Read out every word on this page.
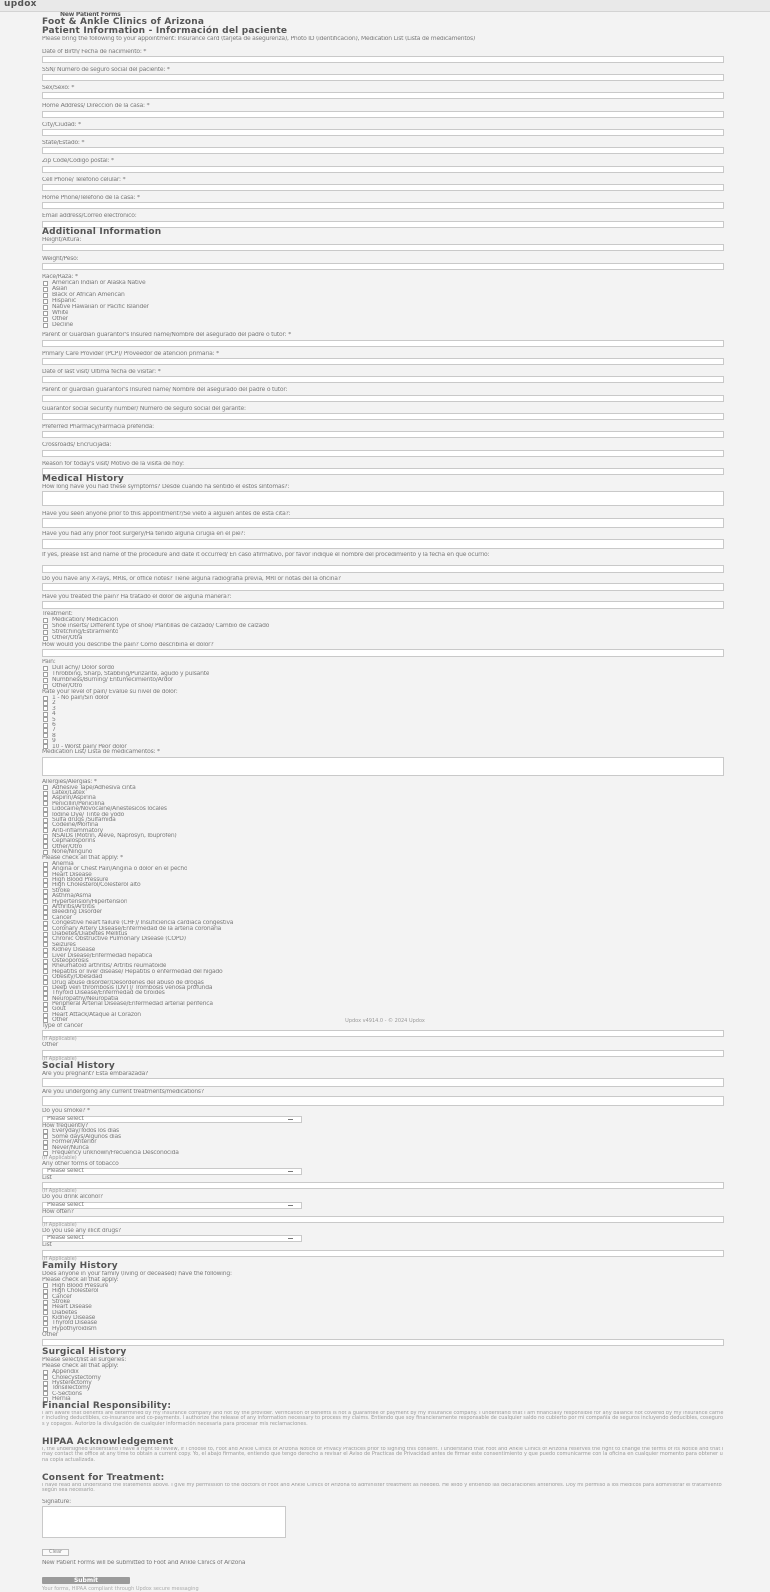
updox
New Patient Forms
Foot & Ankle Clinics of Arizona
Patient Information - Información del paciente
Please bring the following to your appointment: Insurance card (tarjeta de asegurenza), Photo ID (identificación), Medication List (Lista de medicamentos)
Date of Birth/ Fecha de nacimiento: *
SSN/ Número de seguro social del paciente: *
Sex/Sexo: *
Home Address/ Dirección de la casa: *
City/Ciudad: *
State/Estado: *
Zip Code/Código postal: *
Cell Phone/ Telefono celular: *
Home Phone/Telefono de la casa: *
Email address/Correo electrónico:
Additional Information
Height/Altura:
Weight/Peso:
Race/Raza: *
American Indian or Alaska Native
Asian
Black or African American
Hispanic
Native Hawaiian or Pacific Islander
White
Other
Decline
Parent or Guardian guarantor's Insured name/Nombre del asegurado del padre o tutor: *
Primary Care Provider (PCP)/ Proveedor de atención primaria: *
Date of last visit/ Ultima fecha de visitar: *
Parent or guardian guarantor's Insured name/ Nombre del asegurado del padre o tutor:
Guarantor social security number/ Número de seguro social del garante:
Preferred Pharmacy/Farmacia preferida:
Crossroads/ Encrucijada:
Reason for today's visit/ Motivo de la visita de hoy:
Medical History
How long have you had these symptoms? Desde cuando ha sentido el estos síntomas?:
Have you seen anyone prior to this appointment?/Se vieto a alguien antes de esta cita?:
Have you had any prior foot surgery/Ha tenido alguna cirugia en el pie?:
If yes, please list and name of the procedure and date it occurred/ En caso afirmativo, por favor indique el nombre del procedimiento y la fecha en que ocurrió:
Do you have any X-rays, MRIs, or office notes? Tiene alguna radiografía previa, MRI or notas del la oficina?
Have you treated the pain? Ha tratado el dolor de alguna manera?:
Treatment:
Medication/ Medicacion
Shoe inserts/ Different type of shoe/ Plantillas de calzado/ Cambio de calzado
Stretching/Estiramiento
Other/Otra
How would you describe the pain? Como describiria el dolor?
Pain:
Dull achy/ Dolor sordo
Throbbing, Sharp, Stabbing/Punzante, agudo y pulsante
Numbness/Burning/ Entumecimiento/Ardor
Other/Otro
Rate your level of pain/ Evalúe su nivel de dolor:
1 - No pain/Sin dolor
2
3
4
5
6
7
8
9
10 - Worst pain/ Peor dolor
Medication List/ Lista de medicamentos: *
Allergies/Alergias: *
Adhesive Tape/Adhesiva cinta
Latex/Latex
Aspirin/Aspirina
Penicillin/Penicilina
Lidocaine/Novocaine/Anestesicos locales
Iodine Dye/ Tinte de yodo
Sulfa drugs /Sulfamida
Codeine/Morfina
Anti-inflammatory
NSAIDs (Motrin, Aleve, Naprosyn, Ibuprofen)
Cephalosporins
Other/Otro
None/Ninguno
Please check all that apply: *
Anemia
Angina or Chest Pain/Angina o dolor en el pecho
Heart Disease
High Blood Pressure
High Cholesterol/Colesterol alto
Stroke
Asthma/Asma
Hypertension/Hipertensión
Arthritis/Artritis
Bleeding Disorder
Cancer
Congestive heart failure (CHF)/ Insuficiencia cardiaca congestiva
Coronary Artery Disease/Enfermedad de la arteria coronaria
Diabetes/Diabetes Mellitus
Chronic Obstructive Pulmonary Disease (COPD)
Seizures
Kidney Disease
Liver Disease/Enfermedad hepatica
Osteoporosis
Rheumatoid arthritis/ Artritis reumatoide
Hepatitis or liver disease/ Hepatitis o enfermedad del hígado
Obesity/Obesidad
Drug abuse disorder/Desórdenes del abuso de drogas
Deep vein thrombosis (DVT)/ Trombosis venosa profunda
Thyroid Disease/Enfermedad de tiroides
Neuropathy/Neuropatia
Peripheral Arterial Disease/Enfermedad arterial periférica
Gout
Heart Attack/Ataque al Corazón
Other
Type of cancer
(If Applicable)
Other
(If Applicable)
Social History
Are you pregnant? Esta embarazada?
Are you undergoing any current treatments/medications?
Do you smoke? *
Please select
How frequently?
Everyday/Todos los días
Some days/Algunos días
Former/Anterior
Never/Nunca
Frequency unknown/Frecuencia Desconocida
(If Applicable)
Any other forms of tobacco
Please select
List
(If Applicable)
Do you drink alcohol?
Please select
How often?
(If Applicable)
Do you use any illicit drugs?
Please select
List
(If Applicable)
Family History
Does anyone in your family (living or deceased) have the following:
Please check all that apply:
High Blood Pressure
High Cholesterol
Cancer
Stroke
Heart Disease
Diabetes
Kidney Disease
Thyroid Disease
Hypothyroidism
Other
Surgical History
Please select/list all surgeries:
Please check all that apply:
Appendix
Cholecystectomy
Hysterectomy
Tonsillectomy
C-Sections
Hernia
Financial Responsibility:
I am aware that benefits are determined by my insurance company and not by the provider. Verification of benefits is not a guarantee of payment by my insurance company. I understand that I am financially responsible for any balance not covered by my insurance carrier including deductibles, co-insurance and co-payments. I authorize the release of any information necessary to process my claims. Entiendo que soy financieramente responsable de cualquier saldo no cubierto por mi compañía de seguros incluyendo deducibles, coseguros y copagos. Autorizo la divulgación de cualquier información necesaria para procesar mis reclamaciones.
HIPAA Acknowledgement
I, the undersigned understand I have a right to review, if I choose to, Foot and Ankle Clinics of Arizona Notice of Privacy Practices prior to signing this consent. I understand that Foot and Ankle Clinics of Arizona reserves the right to change the terms of its Notice and that I may contact the office at any time to obtain a current copy. Yo, el abajo firmante, entiendo que tengo derecho a revisar el Aviso de Practicas de Privacidad antes de firmar este consentimiento y que puedo comunicarme con la oficina en cualquier momento para obtener una copia actualizada.
Consent for Treatment:
I have read and understand the statements above. I give my permission to the doctors of Foot and Ankle Clinics of Arizona to administer treatment as needed. He leído y entiendo las declaraciones anteriores. Doy mi permiso a los médicos para administrar el tratamiento según sea necesario.
Signature:
Clear
New Patient Forms will be submitted to Foot and Ankle Clinics of Arizona
Submit
Your forms, HIPAA compliant through Updox secure messaging
Updox v4914.0 - © 2024 Updox
